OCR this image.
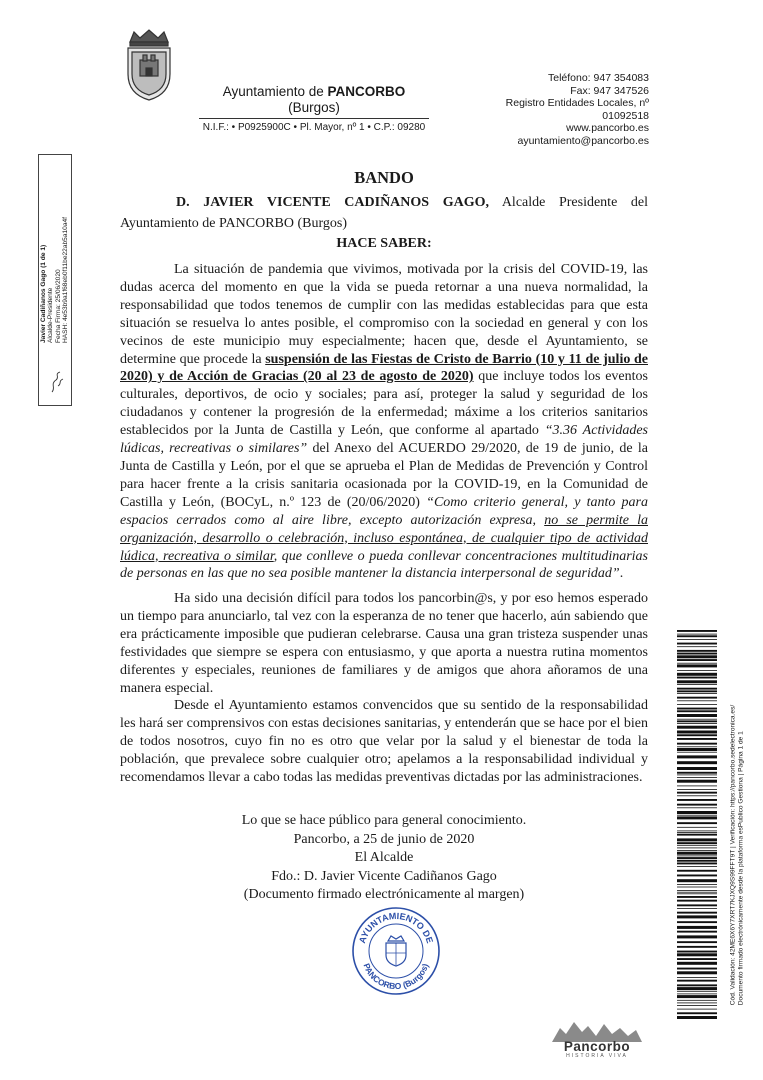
Ayuntamiento de PANCORBO
(Burgos)
N.I.F.: • P0925900C • Pl. Mayor, nº 1 • C.P.: 09280
Teléfono: 947 354083
Fax: 947 347526
Registro Entidades Locales, nº
01092518
www.pancorbo.es
ayuntamiento@pancorbo.es
Javier Cadiñanos Gago (1 de 1) Alcalde-Presidente Fecha Firma: 25/06/2020 HASH: 4e53b9a1f68eb0f11be22ab5a10a4f
Cód. Validación: 42ME6X6Y7XRT7KJXQ9S99FFT9T | Verificación: https://pancorbo.sedelectronica.es/ Documento firmado electrónicamente desde la plataforma esPublico Gestiona | Página 1 de 1
BANDO
D. JAVIER VICENTE CADIÑANOS GAGO, Alcalde Presidente del Ayuntamiento de PANCORBO (Burgos)
HACE SABER:
La situación de pandemia que vivimos, motivada por la crisis del COVID-19, las dudas acerca del momento en que la vida se pueda retornar a una nueva normalidad, la responsabilidad que todos tenemos de cumplir con las medidas establecidas para que esta situación se resuelva lo antes posible, el compromiso con la sociedad en general y con los vecinos de este municipio muy especialmente; hacen que, desde el Ayuntamiento, se determine que procede la suspensión de las Fiestas de Cristo de Barrio (10 y 11 de julio de 2020) y de Acción de Gracias (20 al 23 de agosto de 2020) que incluye todos los eventos culturales, deportivos, de ocio y sociales; para así, proteger la salud y seguridad de los ciudadanos y contener la progresión de la enfermedad; máxime a los criterios sanitarios establecidos por la Junta de Castilla y León, que conforme al apartado “3.36 Actividades lúdicas, recreativas o similares” del Anexo del ACUERDO 29/2020, de 19 de junio, de la Junta de Castilla y León, por el que se aprueba el Plan de Medidas de Prevención y Control para hacer frente a la crisis sanitaria ocasionada por la COVID-19, en la Comunidad de Castilla y León, (BOCyL, n.º 123 de (20/06/2020) “Como criterio general, y tanto para espacios cerrados como al aire libre, excepto autorización expresa, no se permite la organización, desarrollo o celebración, incluso espontánea, de cualquier tipo de actividad lúdica, recreativa o similar, que conlleve o pueda conllevar concentraciones multitudinarias de personas en las que no sea posible mantener la distancia interpersonal de seguridad”.
Ha sido una decisión difícil para todos los pancorbin@s, y por eso hemos esperado un tiempo para anunciarlo, tal vez con la esperanza de no tener que hacerlo, aún sabiendo que era prácticamente imposible que pudieran celebrarse. Causa una gran tristeza suspender unas festividades que siempre se espera con entusiasmo, y que aporta a nuestra rutina momentos diferentes y especiales, reuniones de familiares y de amigos que ahora añoramos de una manera especial.
Desde el Ayuntamiento estamos convencidos que su sentido de la responsabilidad les hará ser comprensivos con estas decisiones sanitarias, y entenderán que se hace por el bien de todos nosotros, cuyo fin no es otro que velar por la salud y el bienestar de toda la población, que prevalece sobre cualquier otro; apelamos a la responsabilidad individual y recomendamos llevar a cabo todas las medidas preventivas dictadas por las administraciones.
Lo que se hace público para general conocimiento.
Pancorbo, a 25 de junio de 2020
El Alcalde
Fdo.: D. Javier Vicente Cadiñanos Gago
(Documento firmado electrónicamente al margen)
AYUNTAMIENTO DE
PANCORBO (Burgos)
Pancorbo
HISTORIA VIVA
